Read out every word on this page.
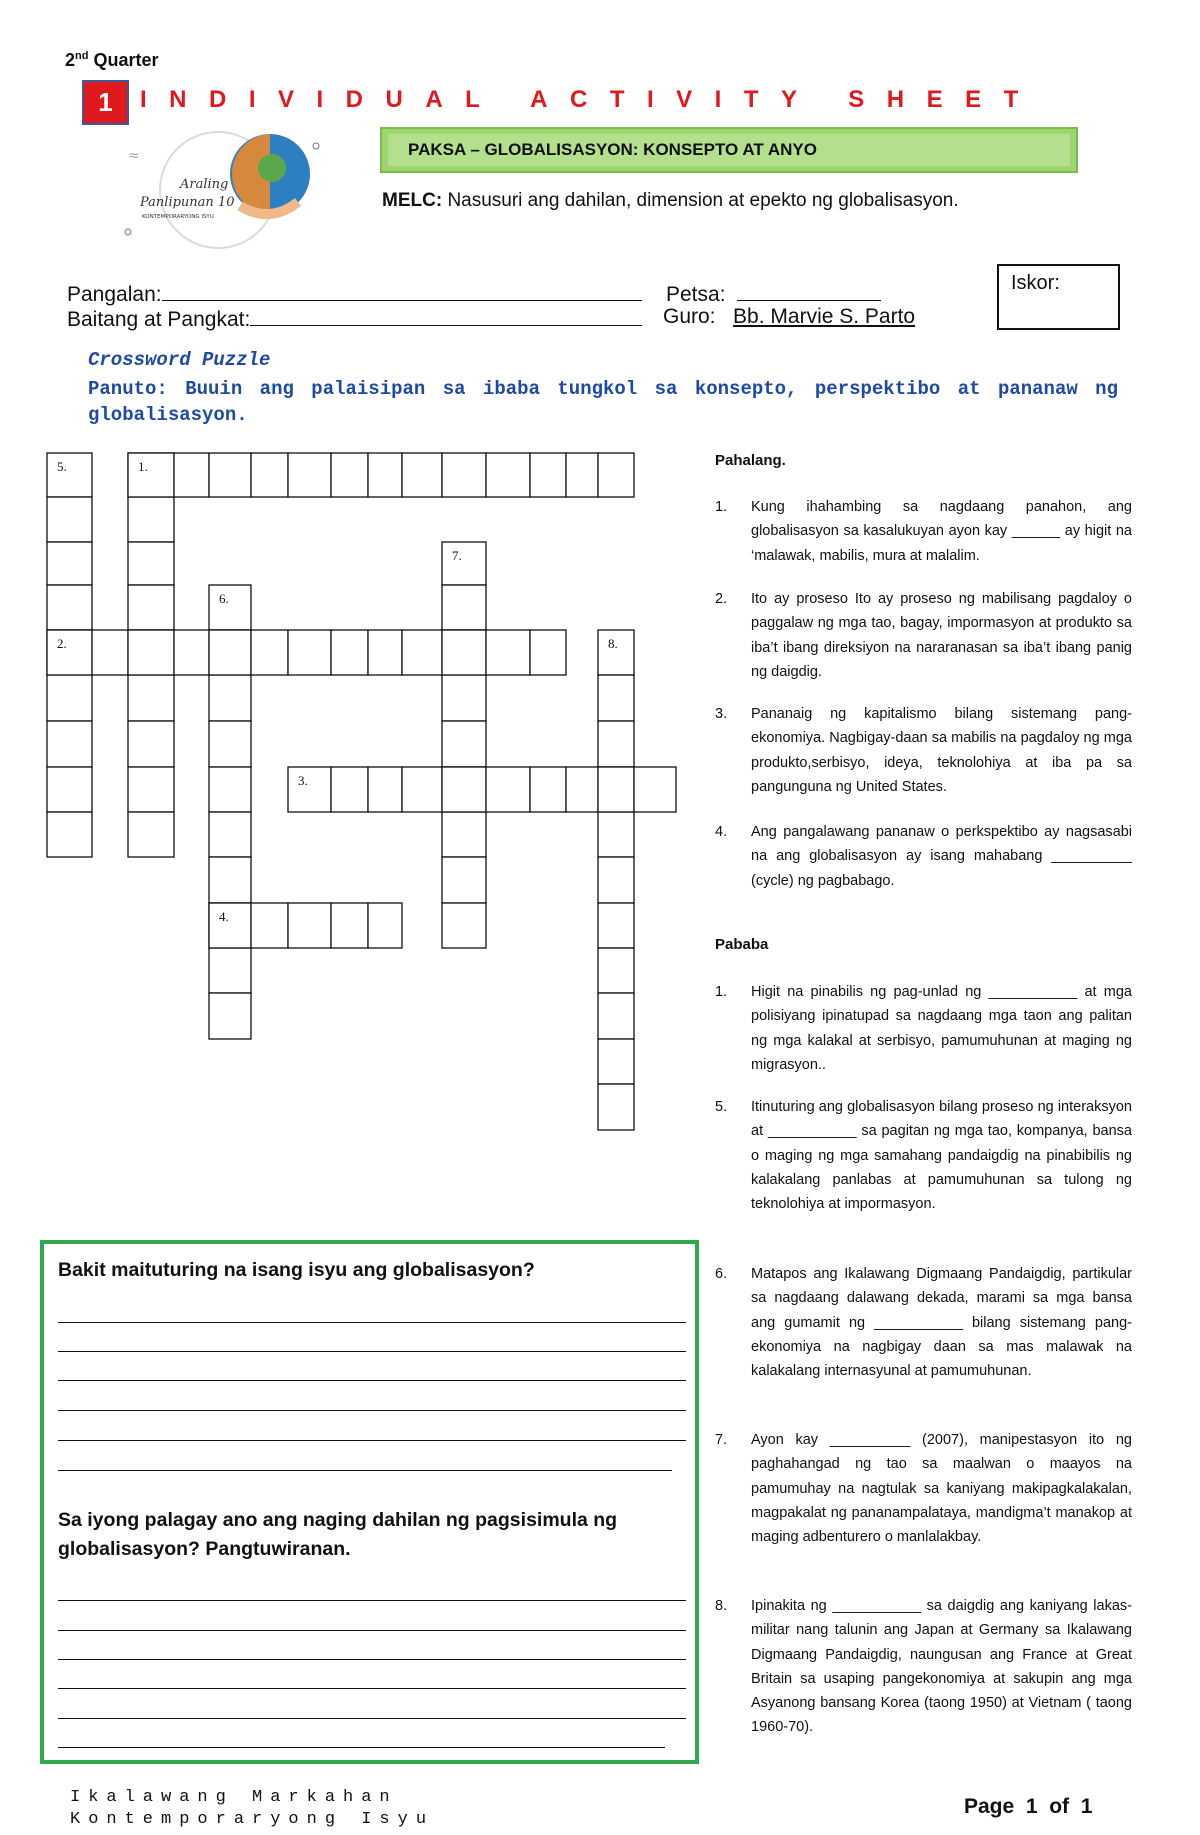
2nd Quarter
1	INDIVIDUAL ACTIVITY SHEET
≈
Araling
Panlipunan 10
KONTEMPORARYONG ISYU
PAKSA – GLOBALISASYON: KONSEPTO AT ANYO
MELC: Nasusuri ang dahilan, dimension at epekto ng globalisasyon.
Pangalan:
Baitang at Pangkat:
Petsa:
Guro: Bb. Marvie S. Parto
Iskor:
Crossword Puzzle
Panuto: Buuin ang palaisipan sa ibaba tungkol sa konsepto, perspektibo at pananaw ng globalisasyon.
5.	1.
7.
6.
2.	8.
3.
4.
Pahalang.
1. Kung ihahambing sa nagdaang panahon, ang globalisasyon sa kasalukuyan ayon kay ______ ay higit na ‘malawak, mabilis, mura at malalim.
2. Ito ay proseso Ito ay proseso ng mabilisang pagdaloy o paggalaw ng mga tao, bagay, impormasyon at produkto sa iba’t ibang direksiyon na nararanasan sa iba’t ibang panig ng daigdig.
3. Pananaig ng kapitalismo bilang sistemang pang-ekonomiya. Nagbigay-daan sa mabilis na pagdaloy ng mga produkto,serbisyo, ideya, teknolohiya at iba pa sa pangunguna ng United States.
4. Ang pangalawang pananaw o perkspektibo ay nagsasabi na ang globalisasyon ay isang mahabang __________ (cycle) ng pagbabago.
Pababa
1. Higit na pinabilis ng pag-unlad ng ___________ at mga polisiyang ipinatupad sa nagdaang mga taon ang palitan ng mga kalakal at serbisyo, pamumuhunan at maging ng migrasyon..
5. Itinuturing ang globalisasyon bilang proseso ng interaksyon at ___________ sa pagitan ng mga tao, kompanya, bansa o maging ng mga samahang pandaigdig na pinabibilis ng kalakalang panlabas at pamumuhunan sa tulong ng teknolohiya at impormasyon.
6. Matapos ang Ikalawang Digmaang Pandaigdig, partikular sa nagdaang dalawang dekada, marami sa mga bansa ang gumamit ng ___________ bilang sistemang pang-ekonomiya na nagbigay daan sa mas malawak na kalakalang internasyunal at pamumuhunan.
7. Ayon kay __________ (2007), manipestasyon ito ng paghahangad ng tao sa maalwan o maayos na pamumuhay na nagtulak sa kaniyang makipagkalakalan, magpakalat ng pananampalataya, mandigma’t manakop at maging adbenturero o manlalakbay.
8. Ipinakita ng ___________ sa daigdig ang kaniyang lakas-militar nang talunin ang Japan at Germany sa Ikalawang Digmaang Pandaigdig, naungusan ang France at Great Britain sa usaping pangekonomiya at sakupin ang mga Asyanong bansang Korea (taong 1950) at Vietnam ( taong 1960-70).
Bakit maituturing na isang isyu ang globalisasyon?
Sa iyong palagay ano ang naging dahilan ng pagsisimula ng globalisasyon? Pangtuwiranan.
Ikalawang Markahan
Kontemporaryong Isyu
Page 1 of 1
